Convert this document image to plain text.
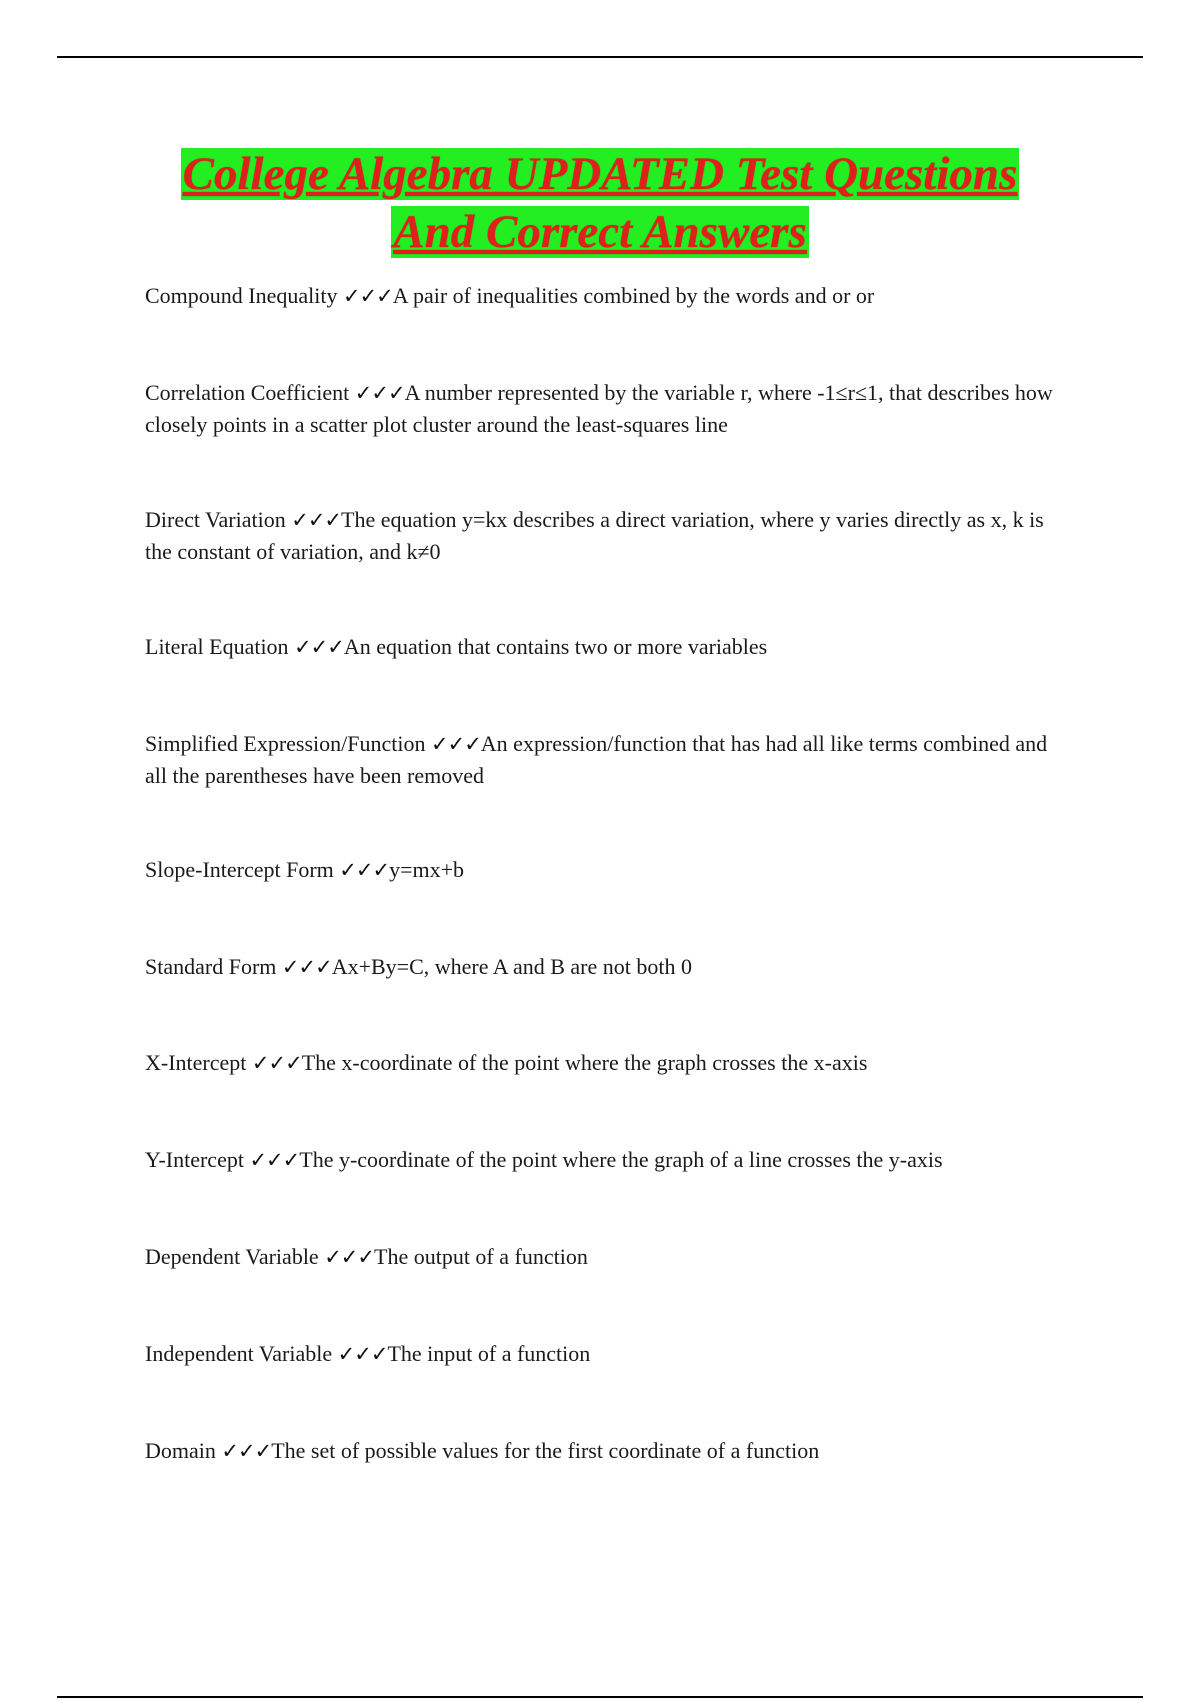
College Algebra UPDATED Test Questions
And Correct Answers
Compound Inequality ✓✓✓A pair of inequalities combined by the words and or or
Correlation Coefficient ✓✓✓A number represented by the variable r, where -1≤r≤1, that describes how closely points in a scatter plot cluster around the least-squares line
Direct Variation ✓✓✓The equation y=kx describes a direct variation, where y varies directly as x, k is the constant of variation, and k≠0
Literal Equation ✓✓✓An equation that contains two or more variables
Simplified Expression/Function ✓✓✓An expression/function that has had all like terms combined and all the parentheses have been removed
Slope-Intercept Form ✓✓✓y=mx+b
Standard Form ✓✓✓Ax+By=C, where A and B are not both 0
X-Intercept ✓✓✓The x-coordinate of the point where the graph crosses the x-axis
Y-Intercept ✓✓✓The y-coordinate of the point where the graph of a line crosses the y-axis
Dependent Variable ✓✓✓The output of a function
Independent Variable ✓✓✓The input of a function
Domain ✓✓✓The set of possible values for the first coordinate of a function
